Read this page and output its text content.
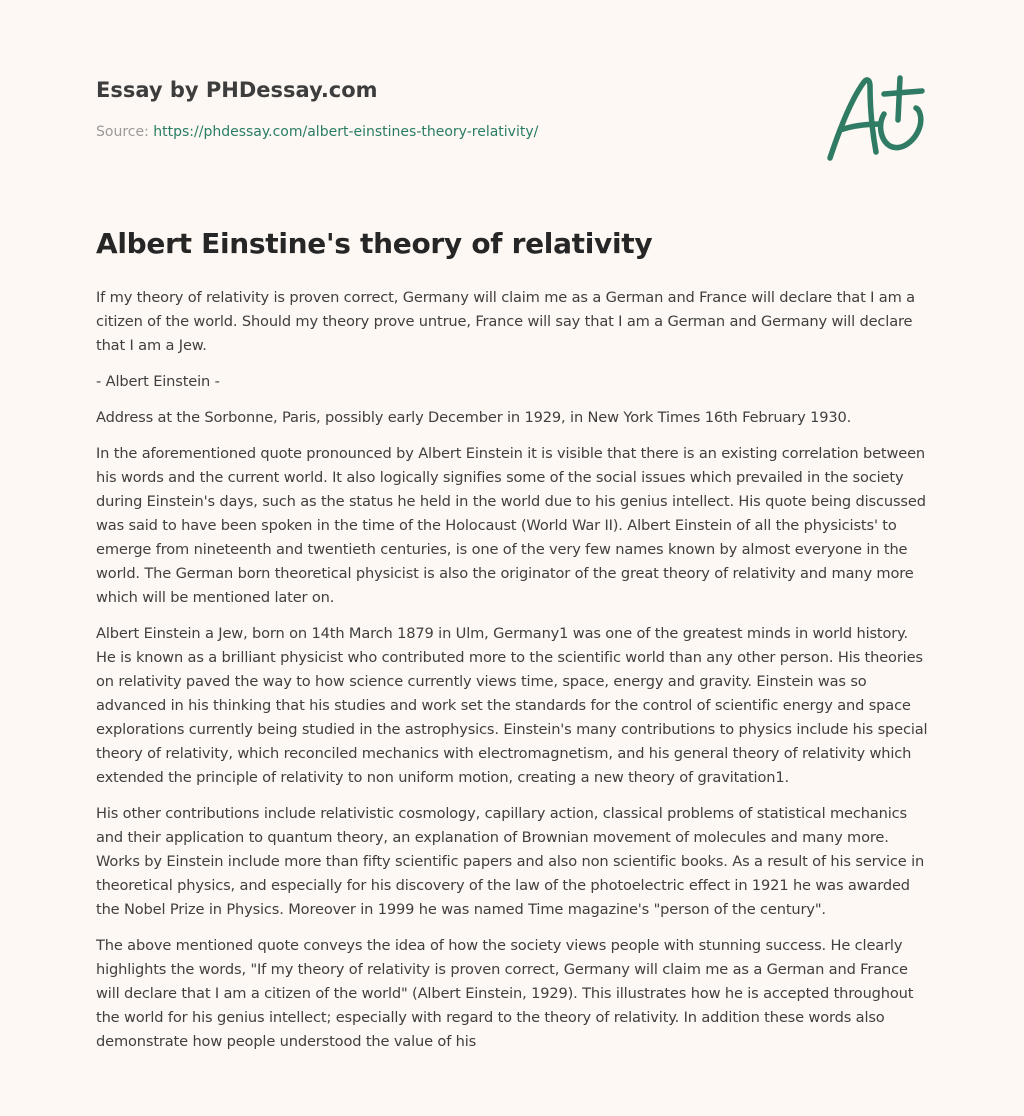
Essay by PHDessay.com
Source: https://phdessay.com/albert-einstines-theory-relativity/
Albert Einstine's theory of relativity

If my theory of relativity is proven correct, Germany will claim me as a German and France will declare that I am a citizen of the world. Should my theory prove untrue, France will say that I am a German and Germany will declare that I am a Jew.

- Albert Einstein -

Address at the Sorbonne, Paris, possibly early December in 1929, in New York Times 16th February 1930.

In the aforementioned quote pronounced by Albert Einstein it is visible that there is an existing correlation between his words and the current world. It also logically signifies some of the social issues which prevailed in the society during Einstein's days, such as the status he held in the world due to his genius intellect. His quote being discussed was said to have been spoken in the time of the Holocaust (World War II). Albert Einstein of all the physicists' to emerge from nineteenth and twentieth centuries, is one of the very few names known by almost everyone in the world. The German born theoretical physicist is also the originator of the great theory of relativity and many more which will be mentioned later on.

Albert Einstein a Jew, born on 14th March 1879 in Ulm, Germany1 was one of the greatest minds in world history. He is known as a brilliant physicist who contributed more to the scientific world than any other person. His theories on relativity paved the way to how science currently views time, space, energy and gravity. Einstein was so advanced in his thinking that his studies and work set the standards for the control of scientific energy and space explorations currently being studied in the astrophysics. Einstein's many contributions to physics include his special theory of relativity, which reconciled mechanics with electromagnetism, and his general theory of relativity which extended the principle of relativity to non uniform motion, creating a new theory of gravitation1.

His other contributions include relativistic cosmology, capillary action, classical problems of statistical mechanics and their application to quantum theory, an explanation of Brownian movement of molecules and many more. Works by Einstein include more than fifty scientific papers and also non scientific books. As a result of his service in theoretical physics, and especially for his discovery of the law of the photoelectric effect in 1921 he was awarded the Nobel Prize in Physics. Moreover in 1999 he was named Time magazine's "person of the century".

The above mentioned quote conveys the idea of how the society views people with stunning success. He clearly highlights the words, "If my theory of relativity is proven correct, Germany will claim me as a German and France will declare that I am a citizen of the world" (Albert Einstein, 1929). This illustrates how he is accepted throughout the world for his genius intellect; especially with regard to the theory of relativity. In addition these words also demonstrate how people understood the value of his
